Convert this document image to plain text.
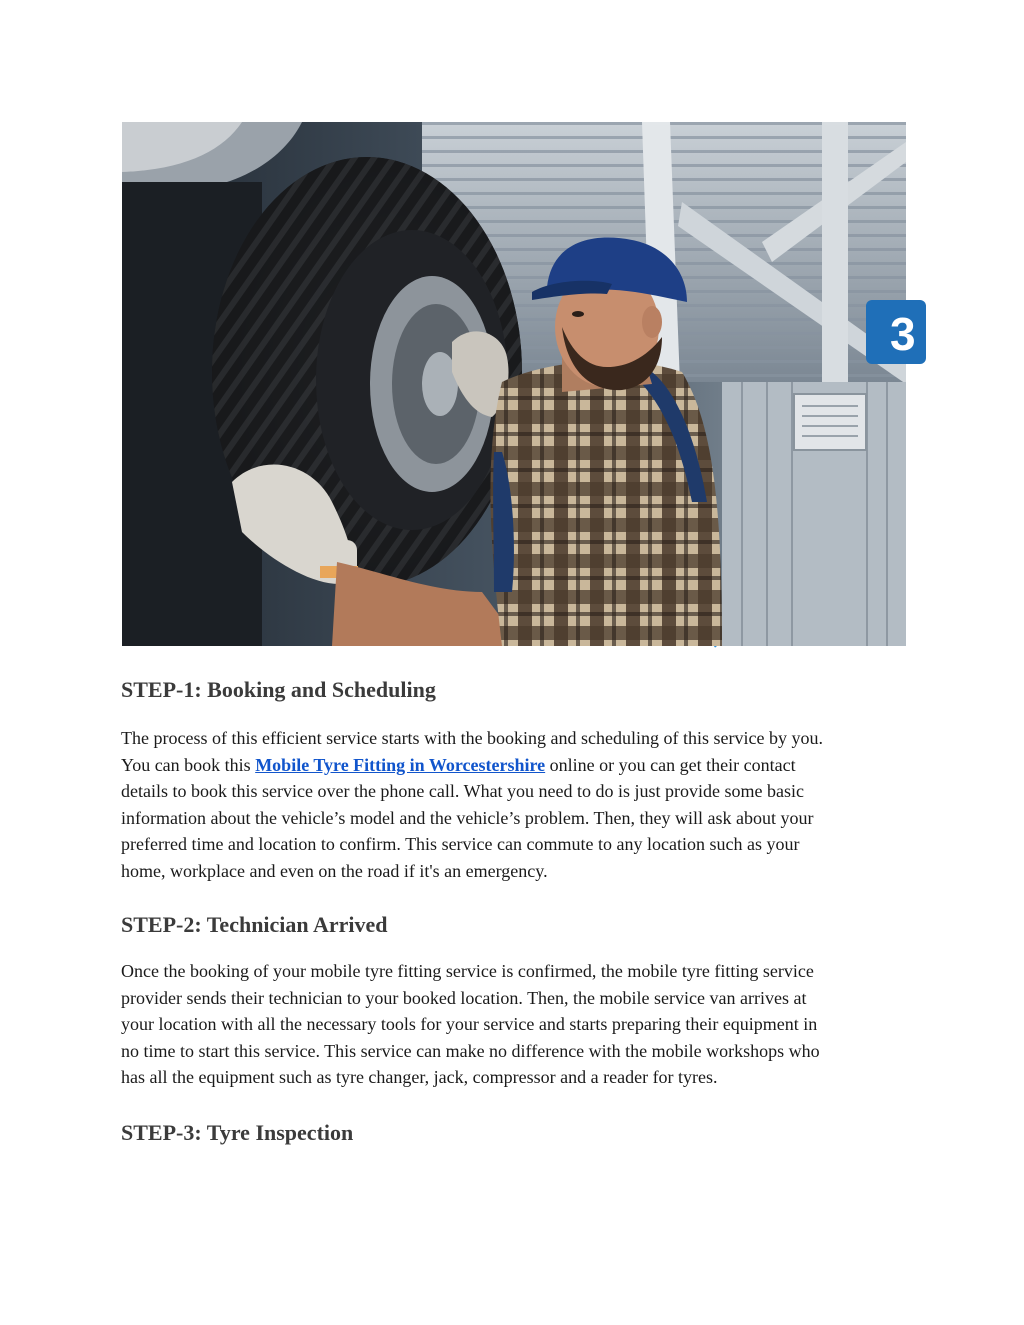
3
STEP-1: Booking and Scheduling

The process of this efficient service starts with the booking and scheduling of this service by you.
You can book this Mobile Tyre Fitting in Worcestershire online or you can get their contact
details to book this service over the phone call. What you need to do is just provide some basic
information about the vehicle’s model and the vehicle’s problem. Then, they will ask about your
preferred time and location to confirm. This service can commute to any location such as your
home, workplace and even on the road if it's an emergency.

STEP-2: Technician Arrived

Once the booking of your mobile tyre fitting service is confirmed, the mobile tyre fitting service
provider sends their technician to your booked location. Then, the mobile service van arrives at
your location with all the necessary tools for your service and starts preparing their equipment in
no time to start this service. This service can make no difference with the mobile workshops who
has all the equipment such as tyre changer, jack, compressor and a reader for tyres.

STEP-3: Tyre Inspection
